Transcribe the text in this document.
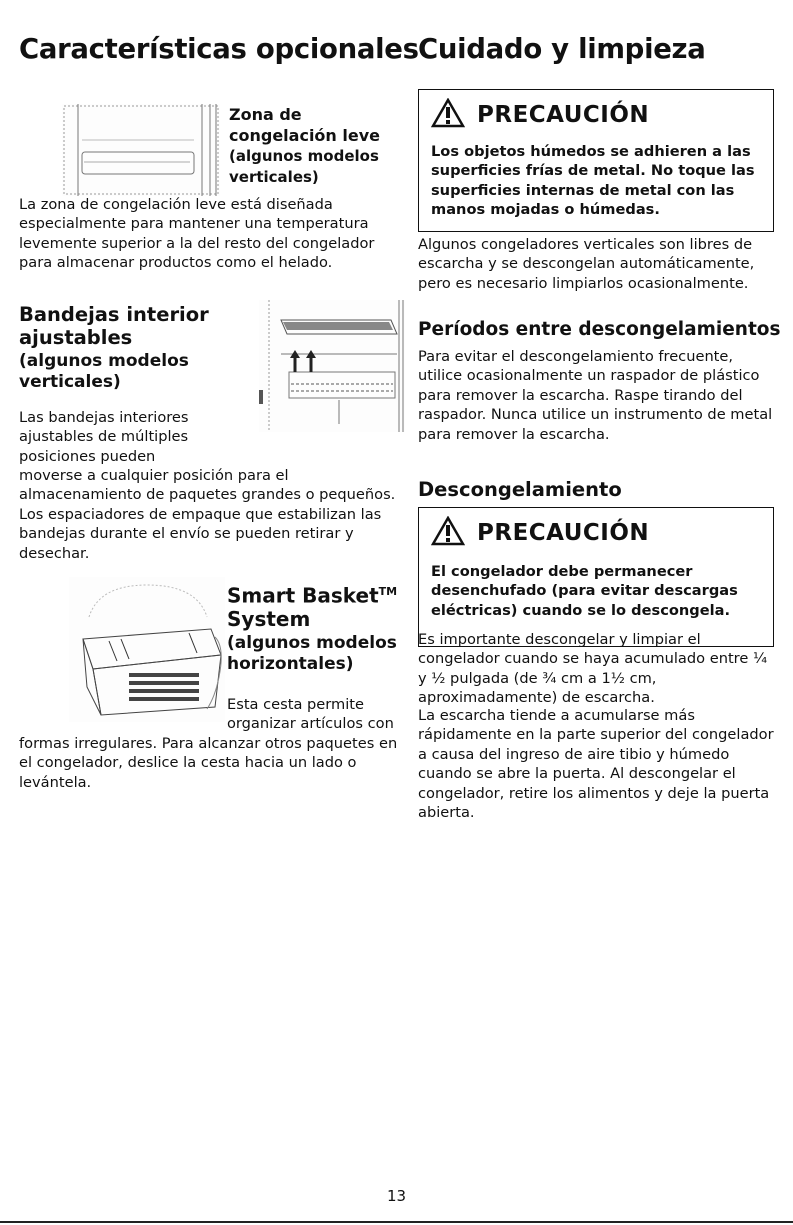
Características opcionales
Zona de
congelación leve
(algunos modelos
verticales)

La zona de congelación leve está diseñada especialmente para mantener una temperatura levemente superior a la del resto del congelador para almacenar productos como el helado.

Bandejas interior
ajustables
(algunos modelos
verticales)

Las bandejas interiores

ajustables de múltiples

posiciones pueden

moverse a cualquier posición para el almacenamiento de paquetes grandes o pequeños. Los espaciadores de empaque que estabilizan las bandejas durante el envío se pueden retirar y desechar.

Smart Basket™
System
(algunos modelos
horizontales)

Esta cesta permite

organizar artículos con

formas irregulares. Para alcanzar otros paquetes en el congelador, deslice la cesta hacia un lado o levántela.

Cuidado y limpieza
PRECAUCIÓN
Los objetos húmedos se adhieren a las superficies frías de metal. No toque las superficies internas de metal con las manos mojadas o húmedas.

Algunos congeladores verticales son libres de escarcha y se descongelan automáticamente, pero es necesario limpiarlos ocasionalmente.

Períodos entre descongelamientos

Para evitar el descongelamiento frecuente, utilice ocasionalmente un raspador de plástico para remover la escarcha. Raspe tirando del raspador. Nunca utilice un instrumento de metal para remover la escarcha.

Descongelamiento
PRECAUCIÓN
El congelador debe permanecer desenchufado (para evitar descargas eléctricas) cuando se lo descongela.

Es importante descongelar y limpiar el congelador cuando se haya acumulado entre ¼ y ½ pulgada (de ¾ cm a 1½ cm, aproximadamente) de escarcha.

La escarcha tiende a acumularse más rápidamente en la parte superior del congelador a causa del ingreso de aire tibio y húmedo cuando se abre la puerta. Al descongelar el congelador, retire los alimentos y deje la puerta abierta.

13
